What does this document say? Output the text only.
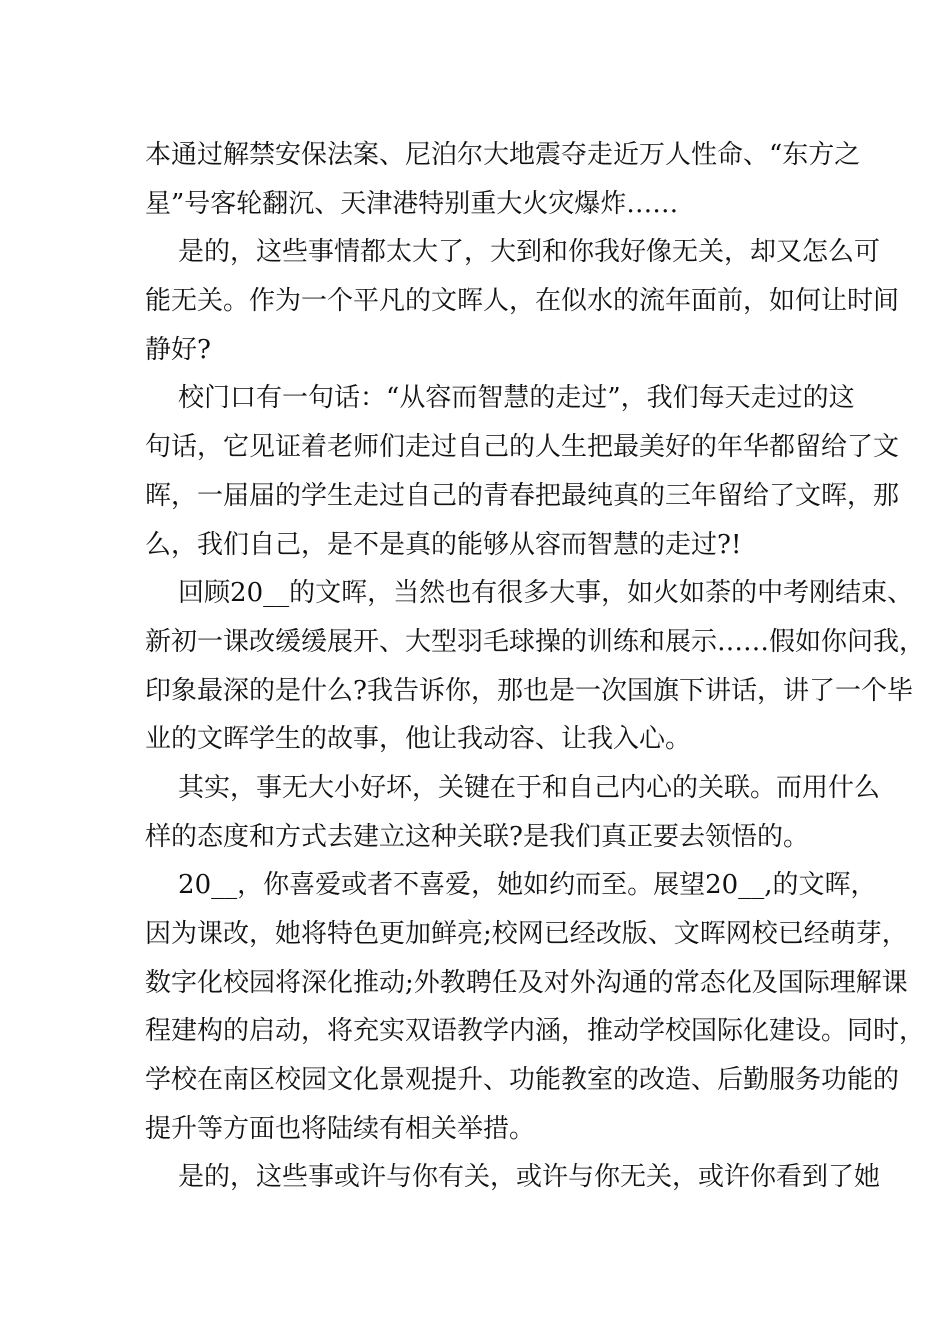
本通过解禁安保法案、尼泊尔大地震夺走近万人性命、“东方之
星”号客轮翻沉、天津港特别重大火灾爆炸……
是的，这些事情都太大了，大到和你我好像无关，却又怎么可
能无关。作为一个平凡的文晖人，在似水的流年面前，如何让时间
静好?
校门口有一句话：“从容而智慧的走过”，我们每天走过的这
句话，它见证着老师们走过自己的人生把最美好的年华都留给了文
晖，一届届的学生走过自己的青春把最纯真的三年留给了文晖，那
么，我们自己，是不是真的能够从容而智慧的走过?!
回顾20__的文晖，当然也有很多大事，如火如荼的中考刚结束、
新初一课改缓缓展开、大型羽毛球操的训练和展示……假如你问我，
印象最深的是什么?我告诉你，那也是一次国旗下讲话，讲了一个毕
业的文晖学生的故事，他让我动容、让我入心。
其实，事无大小好坏，关键在于和自己内心的关联。而用什么
样的态度和方式去建立这种关联?是我们真正要去领悟的。
20__，你喜爱或者不喜爱，她如约而至。展望20__,的文晖，
因为课改，她将特色更加鲜亮;校网已经改版、文晖网校已经萌芽，
数字化校园将深化推动;外教聘任及对外沟通的常态化及国际理解课
程建构的启动，将充实双语教学内涵，推动学校国际化建设。同时，
学校在南区校园文化景观提升、功能教室的改造、后勤服务功能的
提升等方面也将陆续有相关举措。
是的，这些事或许与你有关，或许与你无关，或许你看到了她
